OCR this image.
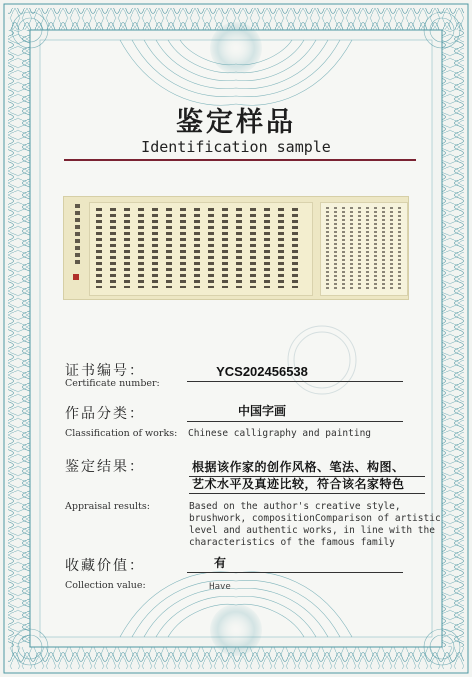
鉴定样品
Identification sample
证书编号：
Certificate number:
YCS202456538
作品分类：
Classification of works:
中国字画
Chinese calligraphy and painting
鉴定结果：
Appraisal results:
根据该作家的创作风格、笔法、构图、
艺术水平及真迹比较，符合该名家特色
Based on the author's creative style,
brushwork, compositionComparison of artistic
level and authentic works, in line with the
characteristics of the famous family
收藏价值：
Collection value:
有
Have
